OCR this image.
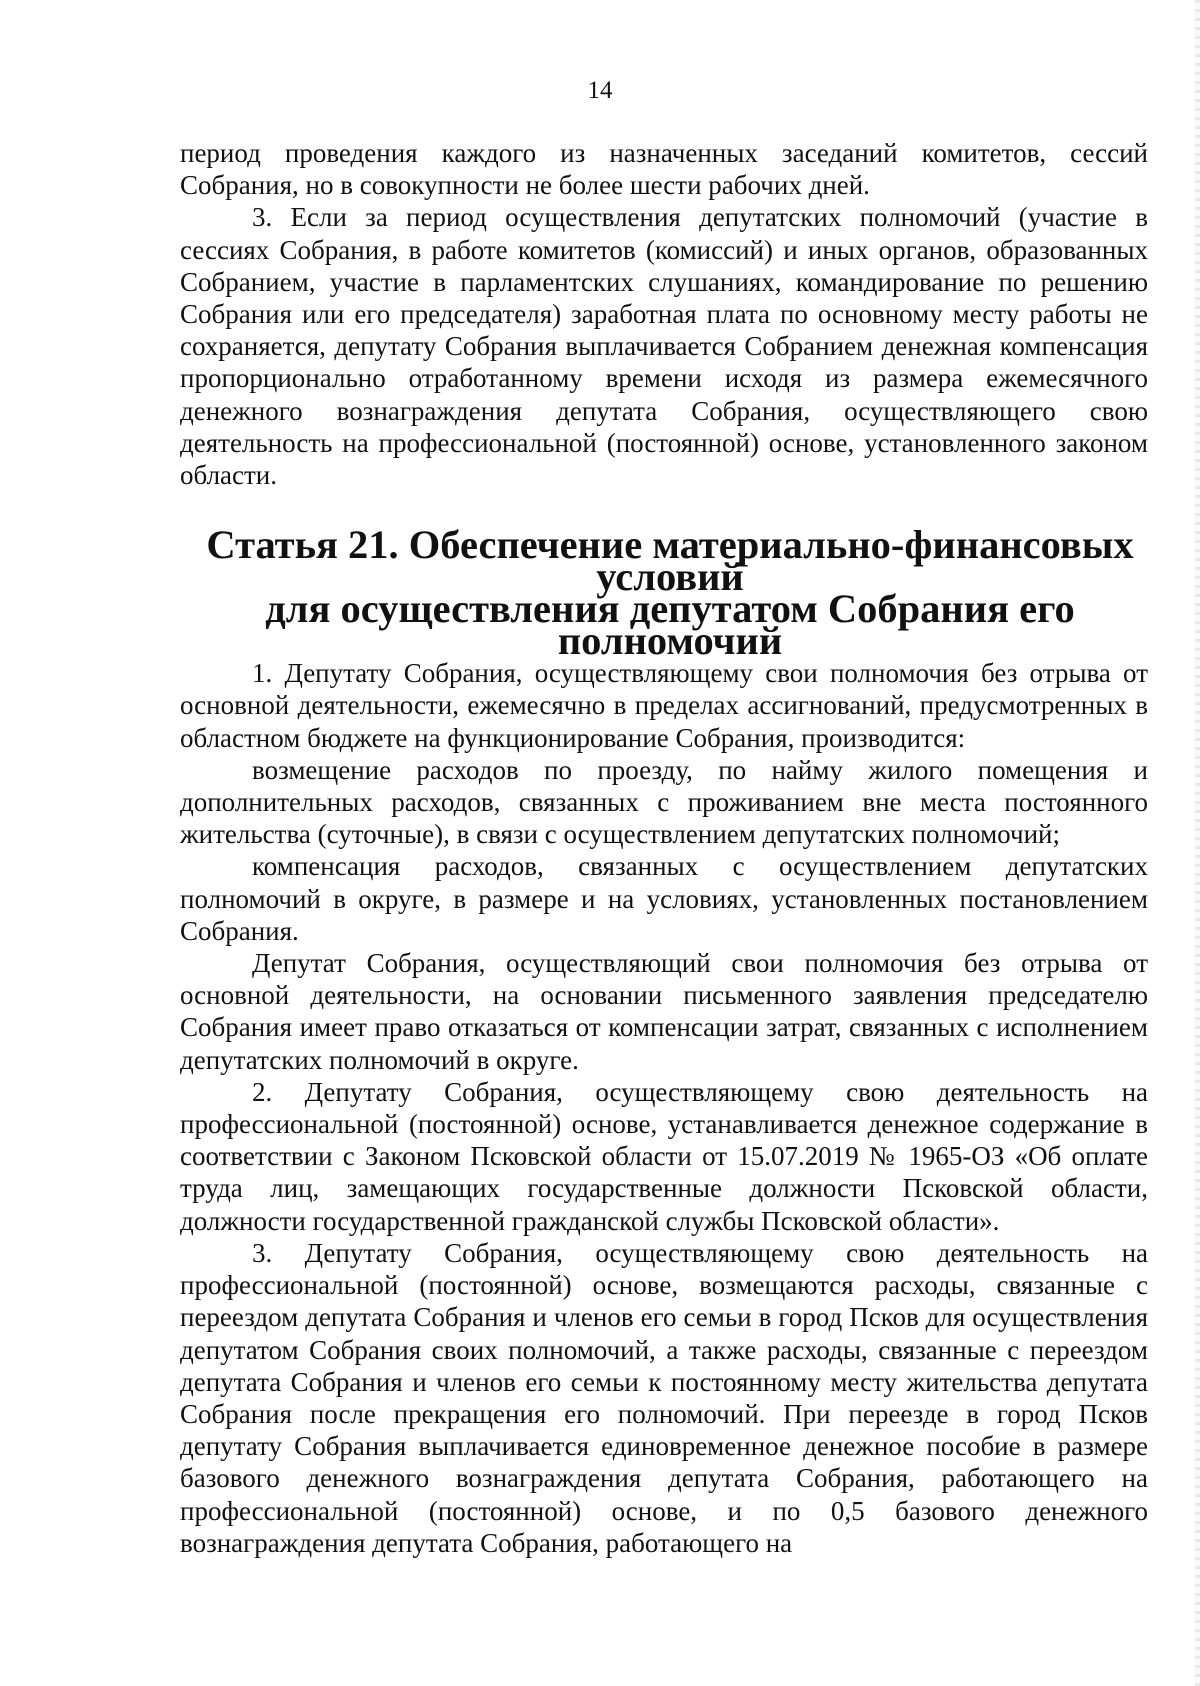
14

период проведения каждого из назначенных заседаний комитетов, сессий Собрания, но в совокупности не более шести рабочих дней.

3. Если за период осуществления депутатских полномочий (участие в сессиях Собрания, в работе комитетов (комиссий) и иных органов, образованных Собранием, участие в парламентских слушаниях, командирование по решению Собрания или его председателя) заработная плата по основному месту работы не сохраняется, депутату Собрания выплачивается Собранием денежная компенсация пропорционально отработанному времени исходя из размера ежемесячного денежного вознаграждения депутата Собрания, осуществляющего свою деятельность на профессиональной (постоянной) основе, установленного законом области.

Статья 21. Обеспечение материально-финансовых условий
для осуществления депутатом Собрания его полномочий

1. Депутату Собрания, осуществляющему свои полномочия без отрыва от основной деятельности, ежемесячно в пределах ассигнований, предусмотренных в областном бюджете на функционирование Собрания, производится:

возмещение расходов по проезду, по найму жилого помещения и дополнительных расходов, связанных с проживанием вне места постоянного жительства (суточные), в связи с осуществлением депутатских полномочий;

компенсация расходов, связанных с осуществлением депутатских полномочий в округе, в размере и на условиях, установленных постановлением Собрания.

Депутат Собрания, осуществляющий свои полномочия без отрыва от основной деятельности, на основании письменного заявления председателю Собрания имеет право отказаться от компенсации затрат, связанных с исполнением депутатских полномочий в округе.

2. Депутату Собрания, осуществляющему свою деятельность на профессиональной (постоянной) основе, устанавливается денежное содержание в соответствии с Законом Псковской области от 15.07.2019 № 1965-ОЗ «Об оплате труда лиц, замещающих государственные должности Псковской области, должности государственной гражданской службы Псковской области».

3. Депутату Собрания, осуществляющему свою деятельность на профессиональной (постоянной) основе, возмещаются расходы, связанные с переездом депутата Собрания и членов его семьи в город Псков для осуществления депутатом Собрания своих полномочий, а также расходы, связанные с переездом депутата Собрания и членов его семьи к постоянному месту жительства депутата Собрания после прекращения его полномочий. При переезде в город Псков депутату Собрания выплачивается единовременное денежное пособие в размере базового денежного вознаграждения депутата Собрания, работающего на профессиональной (постоянной) основе, и по 0,5 базового денежного вознаграждения депутата Собрания, работающего на
